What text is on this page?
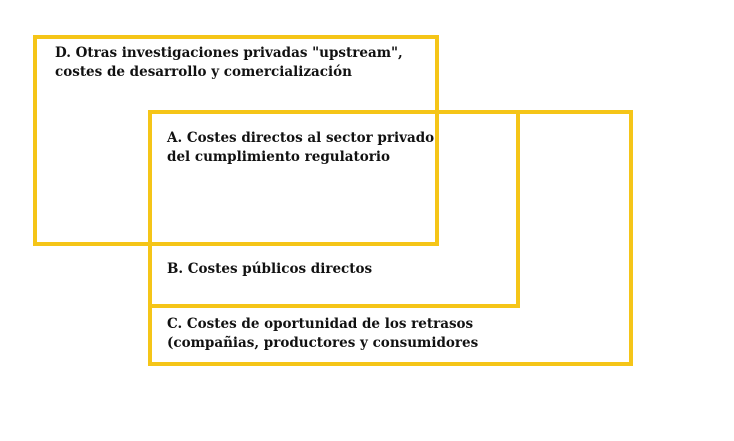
D. Otras investigaciones privadas "upstream",
costes de desarrollo y comercialización
A. Costes directos al sector privado
del cumplimiento regulatorio
B. Costes públicos directos
C. Costes de oportunidad de los retrasos
(compañias, productores y consumidores
